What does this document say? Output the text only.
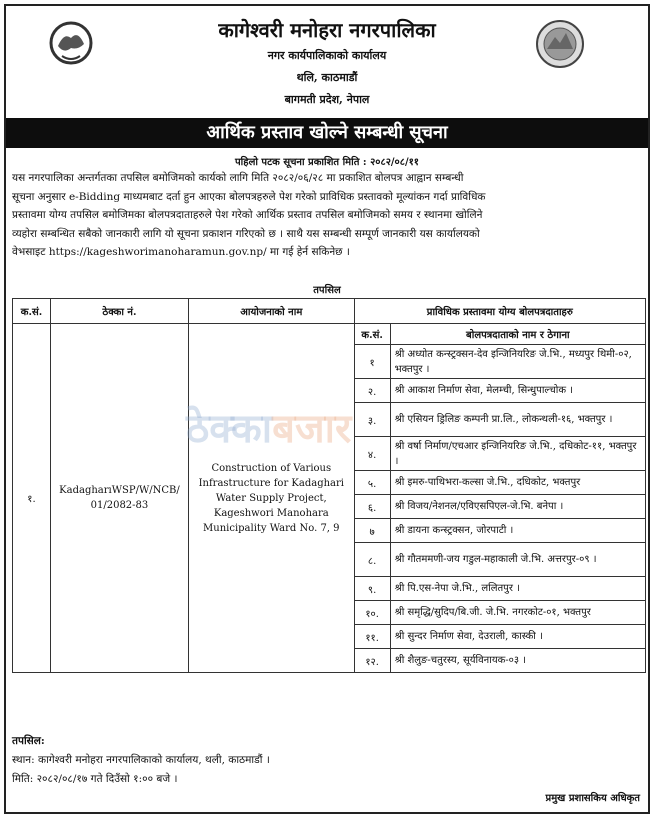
कागेश्वरी मनोहरा नगरपालिका
नगर कार्यपालिकाको कार्यालय
थलि, काठमाडौं
बागमती प्रदेश, नेपाल
आर्थिक प्रस्ताव खोल्ने सम्बन्धी सूचना
पहिलो पटक सूचना प्रकाशित मिति : २०८२/०८/११
यस नगरपालिका अन्तर्गतका तपसिल बमोजिमको कार्यको लागि मिति २०८२/०६/२८ मा प्रकाशित बोलपत्र आह्वान सम्बन्धी
सूचना अनुसार e-Bidding माध्यमबाट दर्ता हुन आएका बोलपत्रहरुले पेश गरेको प्राविधिक प्रस्तावको मूल्यांकन गर्दा प्राविधिक
प्रस्तावमा योग्य तपसिल बमोजिमका बोलपत्रदाताहरुले पेश गरेको आर्थिक प्रस्ताव तपसिल बमोजिमको समय र स्थानमा खोलिने
व्यहोरा सम्बन्धित सबैको जानकारी लागि यो सूचना प्रकाशन गरिएको छ । साथै यस सम्बन्धी सम्पूर्ण जानकारी यस कार्यालयको
वेभसाइट https://kageshworimanoharamun.gov.np/ मा गई हेर्न सकिनेछ ।
तपसिल
क.सं.	ठेक्का नं.	आयोजनाको नाम	प्राविधिक प्रस्तावमा योग्य बोलपत्रदाताहरु	
१.	KadagharıWSP/W/NCB/ 01/2082-83	Construction of Various Infrastructure for Kadaghari Water Supply Project, Kageshwori Manohara Municipality Ward No. 7, 9	क.सं.	बोलपत्रदाताको नाम र ठेगाना
			१	श्री अध्योत कन्स्ट्रक्सन-देव इन्जिनियरिङ जे.भि., मध्यपुर थिमी-०२, भक्तपुर ।
			२.	श्री आकाश निर्माण सेवा, मेलम्ची, सिन्धुपाल्चोक ।
			३.	श्री एसियन ड्रिलिङ कम्पनी प्रा.लि., लोकन्थली-१६, भक्तपुर ।
			४.	श्री वर्षा निर्माण/एचआर इन्जिनियरिङ जे.भि., दधिकोट-११, भक्तपुर ।
			५.	श्री इमरु-पाथिभरा-कल्सा जे.भि., दधिकोट, भक्तपुर
			६.	श्री विजय/नेशनल/एविएसपिएल-जे.भि. बनेपा ।
			७	श्री डायना कन्स्ट्रक्सन, जोरपाटी ।
			८.	श्री गौतममणी-जय गडुल-महाकाली जे.भि. अत्तरपुर-०९ ।
			९.	श्री पि.एस-नेपा जे.भि., ललितपुर ।
			१०.	श्री समृद्धि/सुदिप/बि.जी. जे.भि. नगरकोट-०१, भक्तपुर
			११.	श्री सुन्दर निर्माण सेवा, देउराली, कास्की ।
			१२.	श्री शैलुङ-चतुरस्य, सूर्यविनायक-०३ ।
ठेक्काबजार
तपसिल:
स्थान: कागेश्वरी मनोहरा नगरपालिकाको कार्यालय, थली, काठमाडौं ।
मिति: २०८२/०८/१७ गते दिउँसो १:०० बजे ।
प्रमुख प्रशासकिय अधिकृत
